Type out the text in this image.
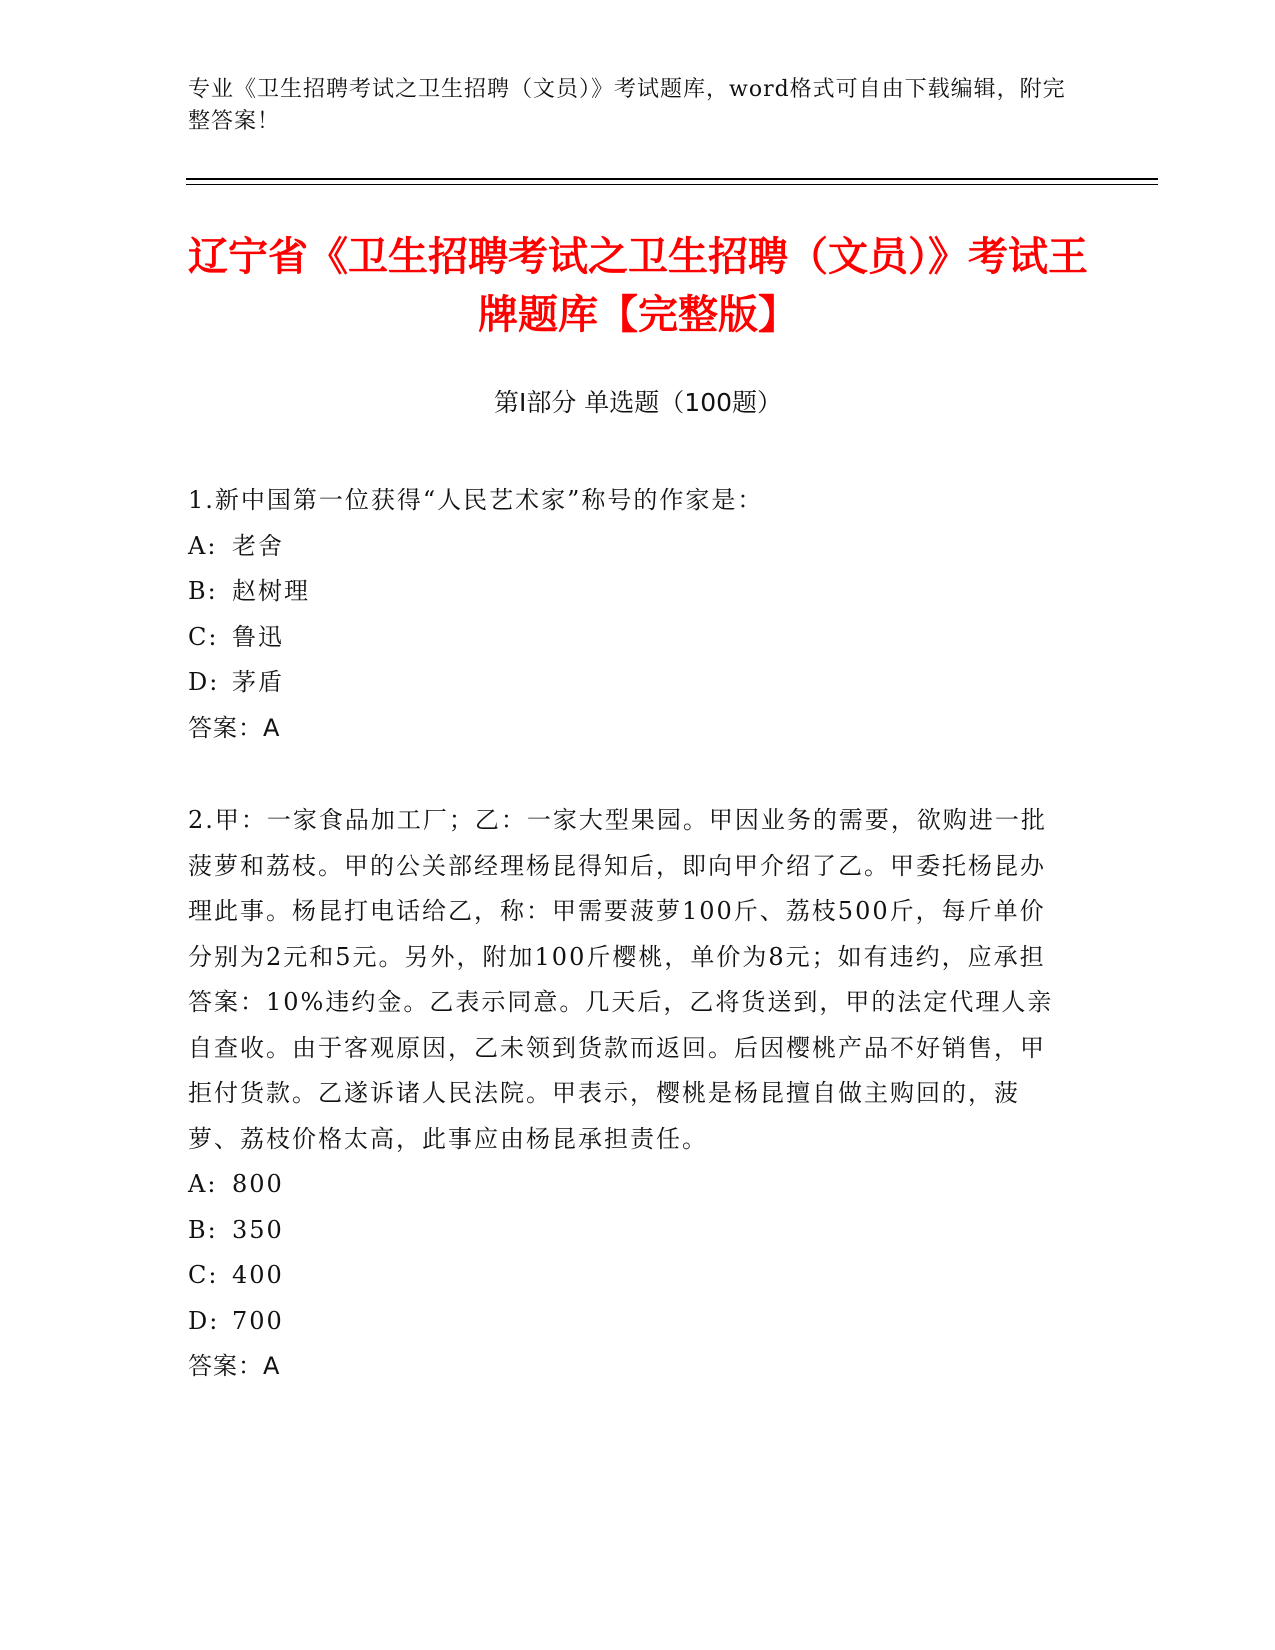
专业《卫生招聘考试之卫生招聘（文员）》考试题库，word格式可自由下载编辑，附完整答案！
辽宁省《卫生招聘考试之卫生招聘（文员）》考试王牌题库【完整版】
第I部分 单选题（100题）

1.新中国第一位获得“人民艺术家”称号的作家是：

A: 老舍

B: 赵树理

C: 鲁迅

D: 茅盾

答案：A

2.甲：一家食品加工厂；乙：一家大型果园。甲因业务的需要，欲购进一批菠萝和荔枝。甲的公关部经理杨昆得知后，即向甲介绍了乙。甲委托杨昆办理此事。杨昆打电话给乙，称：甲需要菠萝100斤、荔枝500斤，每斤单价分别为2元和5元。另外，附加100斤樱桃，单价为8元；如有违约，应承担答案：10%违约金。乙表示同意。几天后，乙将货送到，甲的法定代理人亲自查收。由于客观原因，乙未领到货款而返回。后因樱桃产品不好销售，甲拒付货款。乙遂诉诸人民法院。甲表示，樱桃是杨昆擅自做主购回的，菠萝、荔枝价格太高，此事应由杨昆承担责任。

A: 800

B: 350

C: 400

D: 700

答案：A
